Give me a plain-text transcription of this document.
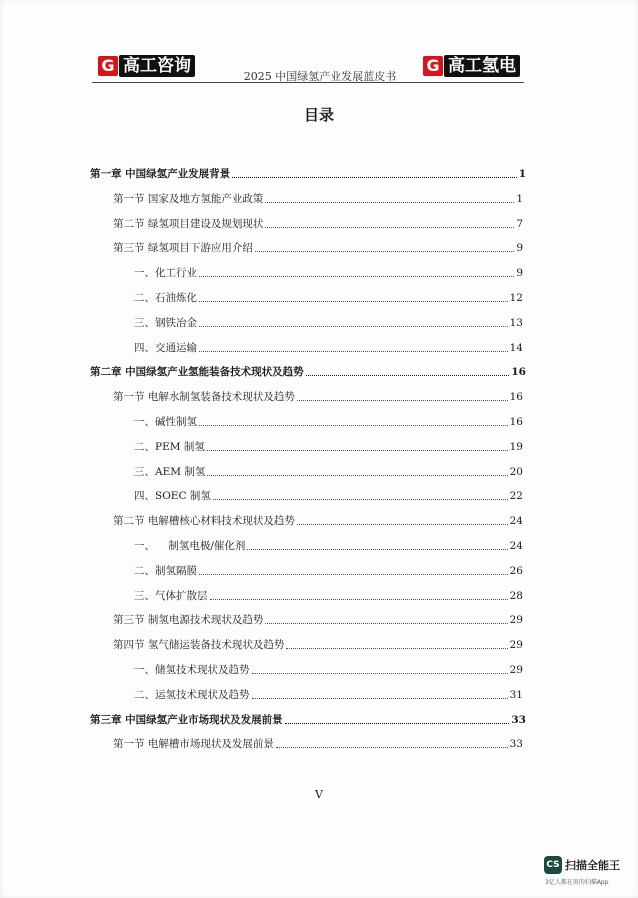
G 高工咨询
2025 中国绿氢产业发展蓝皮书
G 高工氢电
目录
第一章 中国绿氢产业发展背景	1
第一节 国家及地方氢能产业政策	1
第二节 绿氢项目建设及规划现状	7
第三节 绿氢项目下游应用介绍	9
一、化工行业	9
二、石油炼化	12
三、钢铁冶金	13
四、交通运输	14
第二章 中国绿氢产业氢能装备技术现状及趋势	16
第一节 电解水制氢装备技术现状及趋势	16
一、碱性制氢	16
二、PEM 制氢	19
三、AEM 制氢	20
四、SOEC 制氢	22
第二节 电解槽核心材料技术现状及趋势	24
一、    制氢电极/催化剂	24
二、制氢隔膜	26
三、气体扩散层	28
第三节 制氢电源技术现状及趋势	29
第四节 氢气储运装备技术现状及趋势	29
一、储氢技术现状及趋势	29
二、运氢技术现状及趋势	31
第三章 中国绿氢产业市场现状及发展前景	33
第一节 电解槽市场现状及发展前景	33
V
CS 扫描全能王
3亿人都在用的扫描App
